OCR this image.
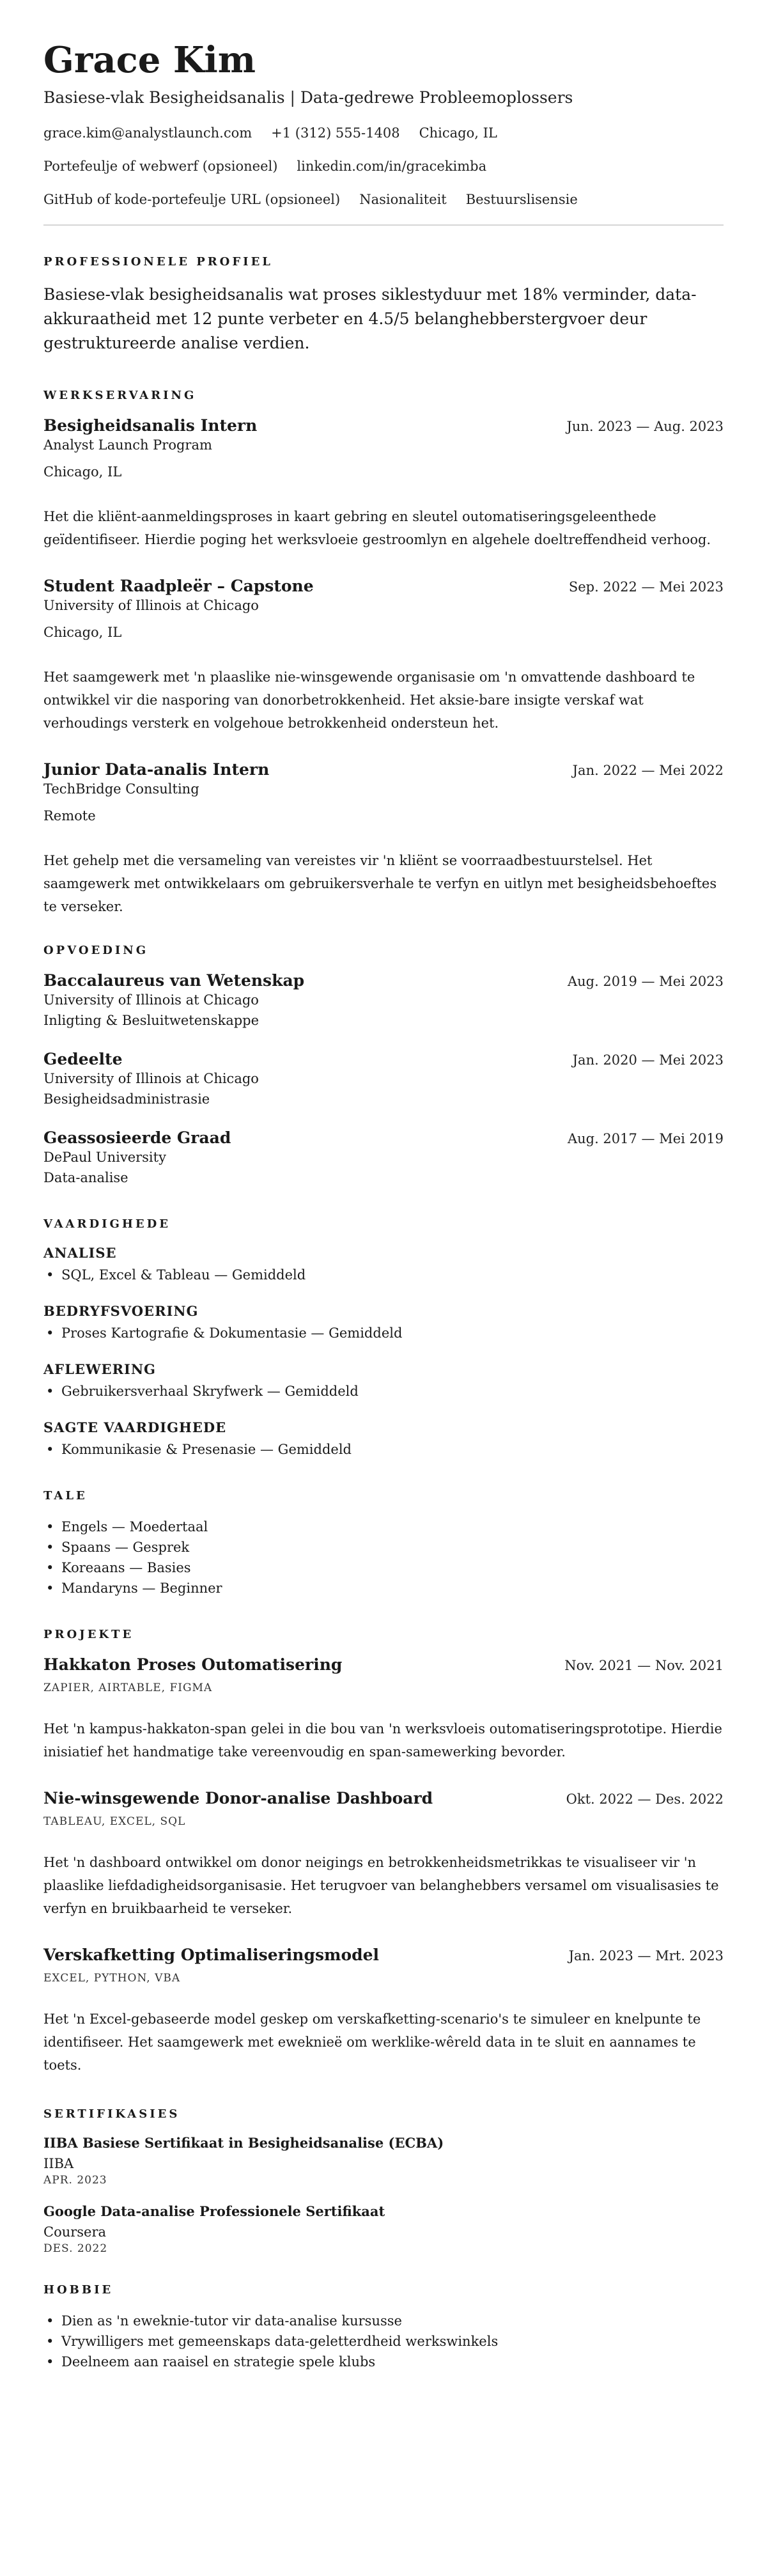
Grace Kim
Basiese-vlak Besigheidsanalis | Data-gedrewe Probleemoplossers
grace.kim@analystlaunch.com +1 (312) 555-1408 Chicago, IL
Portefeulje of webwerf (opsioneel) linkedin.com/in/gracekimba
GitHub of kode-portefeulje URL (opsioneel) Nasionaliteit Bestuurslisensie
PROFESSIONELE PROFIEL

Basiese-vlak besigheidsanalis wat proses siklestyduur met 18% verminder, data-akkuraatheid met 12 punte verbeter en 4.5/5 belanghebberstergvoer deur gestruktureerde analise verdien.

WERKSERVARING
Besigheidsanalis Intern	Jun. 2023 — Aug. 2023
Analyst Launch Program
Chicago, IL

Het die kliënt-aanmeldingsproses in kaart gebring en sleutel outomatiseringsgeleenthede geïdentifiseer. Hierdie poging het werksvloeie gestroomlyn en algehele doeltreffendheid verhoog.

Student Raadpleër – Capstone	Sep. 2022 — Mei 2023
University of Illinois at Chicago
Chicago, IL

Het saamgewerk met 'n plaaslike nie-winsgewende organisasie om 'n omvattende dashboard te ontwikkel vir die nasporing van donorbetrokkenheid. Het aksie-bare insigte verskaf wat verhoudings versterk en volgehoue betrokkenheid ondersteun het.

Junior Data-analis Intern	Jan. 2022 — Mei 2022
TechBridge Consulting
Remote

Het gehelp met die versameling van vereistes vir 'n kliënt se voorraadbestuurstelsel. Het saamgewerk met ontwikkelaars om gebruikersverhale te verfyn en uitlyn met besigheidsbehoeftes te verseker.

OPVOEDING
Baccalaureus van Wetenskap	Aug. 2019 — Mei 2023
University of Illinois at Chicago
Inligting & Besluitwetenskappe
Gedeelte	Jan. 2020 — Mei 2023
University of Illinois at Chicago
Besigheidsadministrasie
Geassosieerde Graad	Aug. 2017 — Mei 2019
DePaul University
Data-analise
VAARDIGHEDE
ANALISE
• SQL, Excel & Tableau — Gemiddeld
BEDRYFSVOERING
• Proses Kartografie & Dokumentasie — Gemiddeld
AFLEWERING
• Gebruikersverhaal Skryfwerk — Gemiddeld
SAGTE VAARDIGHEDE
• Kommunikasie & Presenasie — Gemiddeld
TALE
• Engels — Moedertaal
• Spaans — Gesprek
• Koreaans — Basies
• Mandaryns — Beginner
PROJEKTE
Hakkaton Proses Outomatisering	Nov. 2021 — Nov. 2021
ZAPIER, AIRTABLE, FIGMA

Het 'n kampus-hakkaton-span gelei in die bou van 'n werksvloeis outomatiseringsprototipe. Hierdie inisiatief het handmatige take vereenvoudig en span-samewerking bevorder.

Nie-winsgewende Donor-analise Dashboard	Okt. 2022 — Des. 2022
TABLEAU, EXCEL, SQL

Het 'n dashboard ontwikkel om donor neigings en betrokkenheidsmetrikkas te visualiseer vir 'n plaaslike liefdadigheidsorganisasie. Het terugvoer van belanghebbers versamel om visualisasies te verfyn en bruikbaarheid te verseker.

Verskafketting Optimaliseringsmodel	Jan. 2023 — Mrt. 2023
EXCEL, PYTHON, VBA

Het 'n Excel-gebaseerde model geskep om verskafketting-scenario's te simuleer en knelpunte te identifiseer. Het saamgewerk met eweknieë om werklike-wêreld data in te sluit en aannames te toets.

SERTIFIKASIES
IIBA Basiese Sertifikaat in Besigheidsanalise (ECBA)
IIBA
APR. 2023
Google Data-analise Professionele Sertifikaat
Coursera
DES. 2022
HOBBIE
• Dien as 'n eweknie-tutor vir data-analise kursusse
• Vrywilligers met gemeenskaps data-geletterdheid werkswinkels
• Deelneem aan raaisel en strategie spele klubs
